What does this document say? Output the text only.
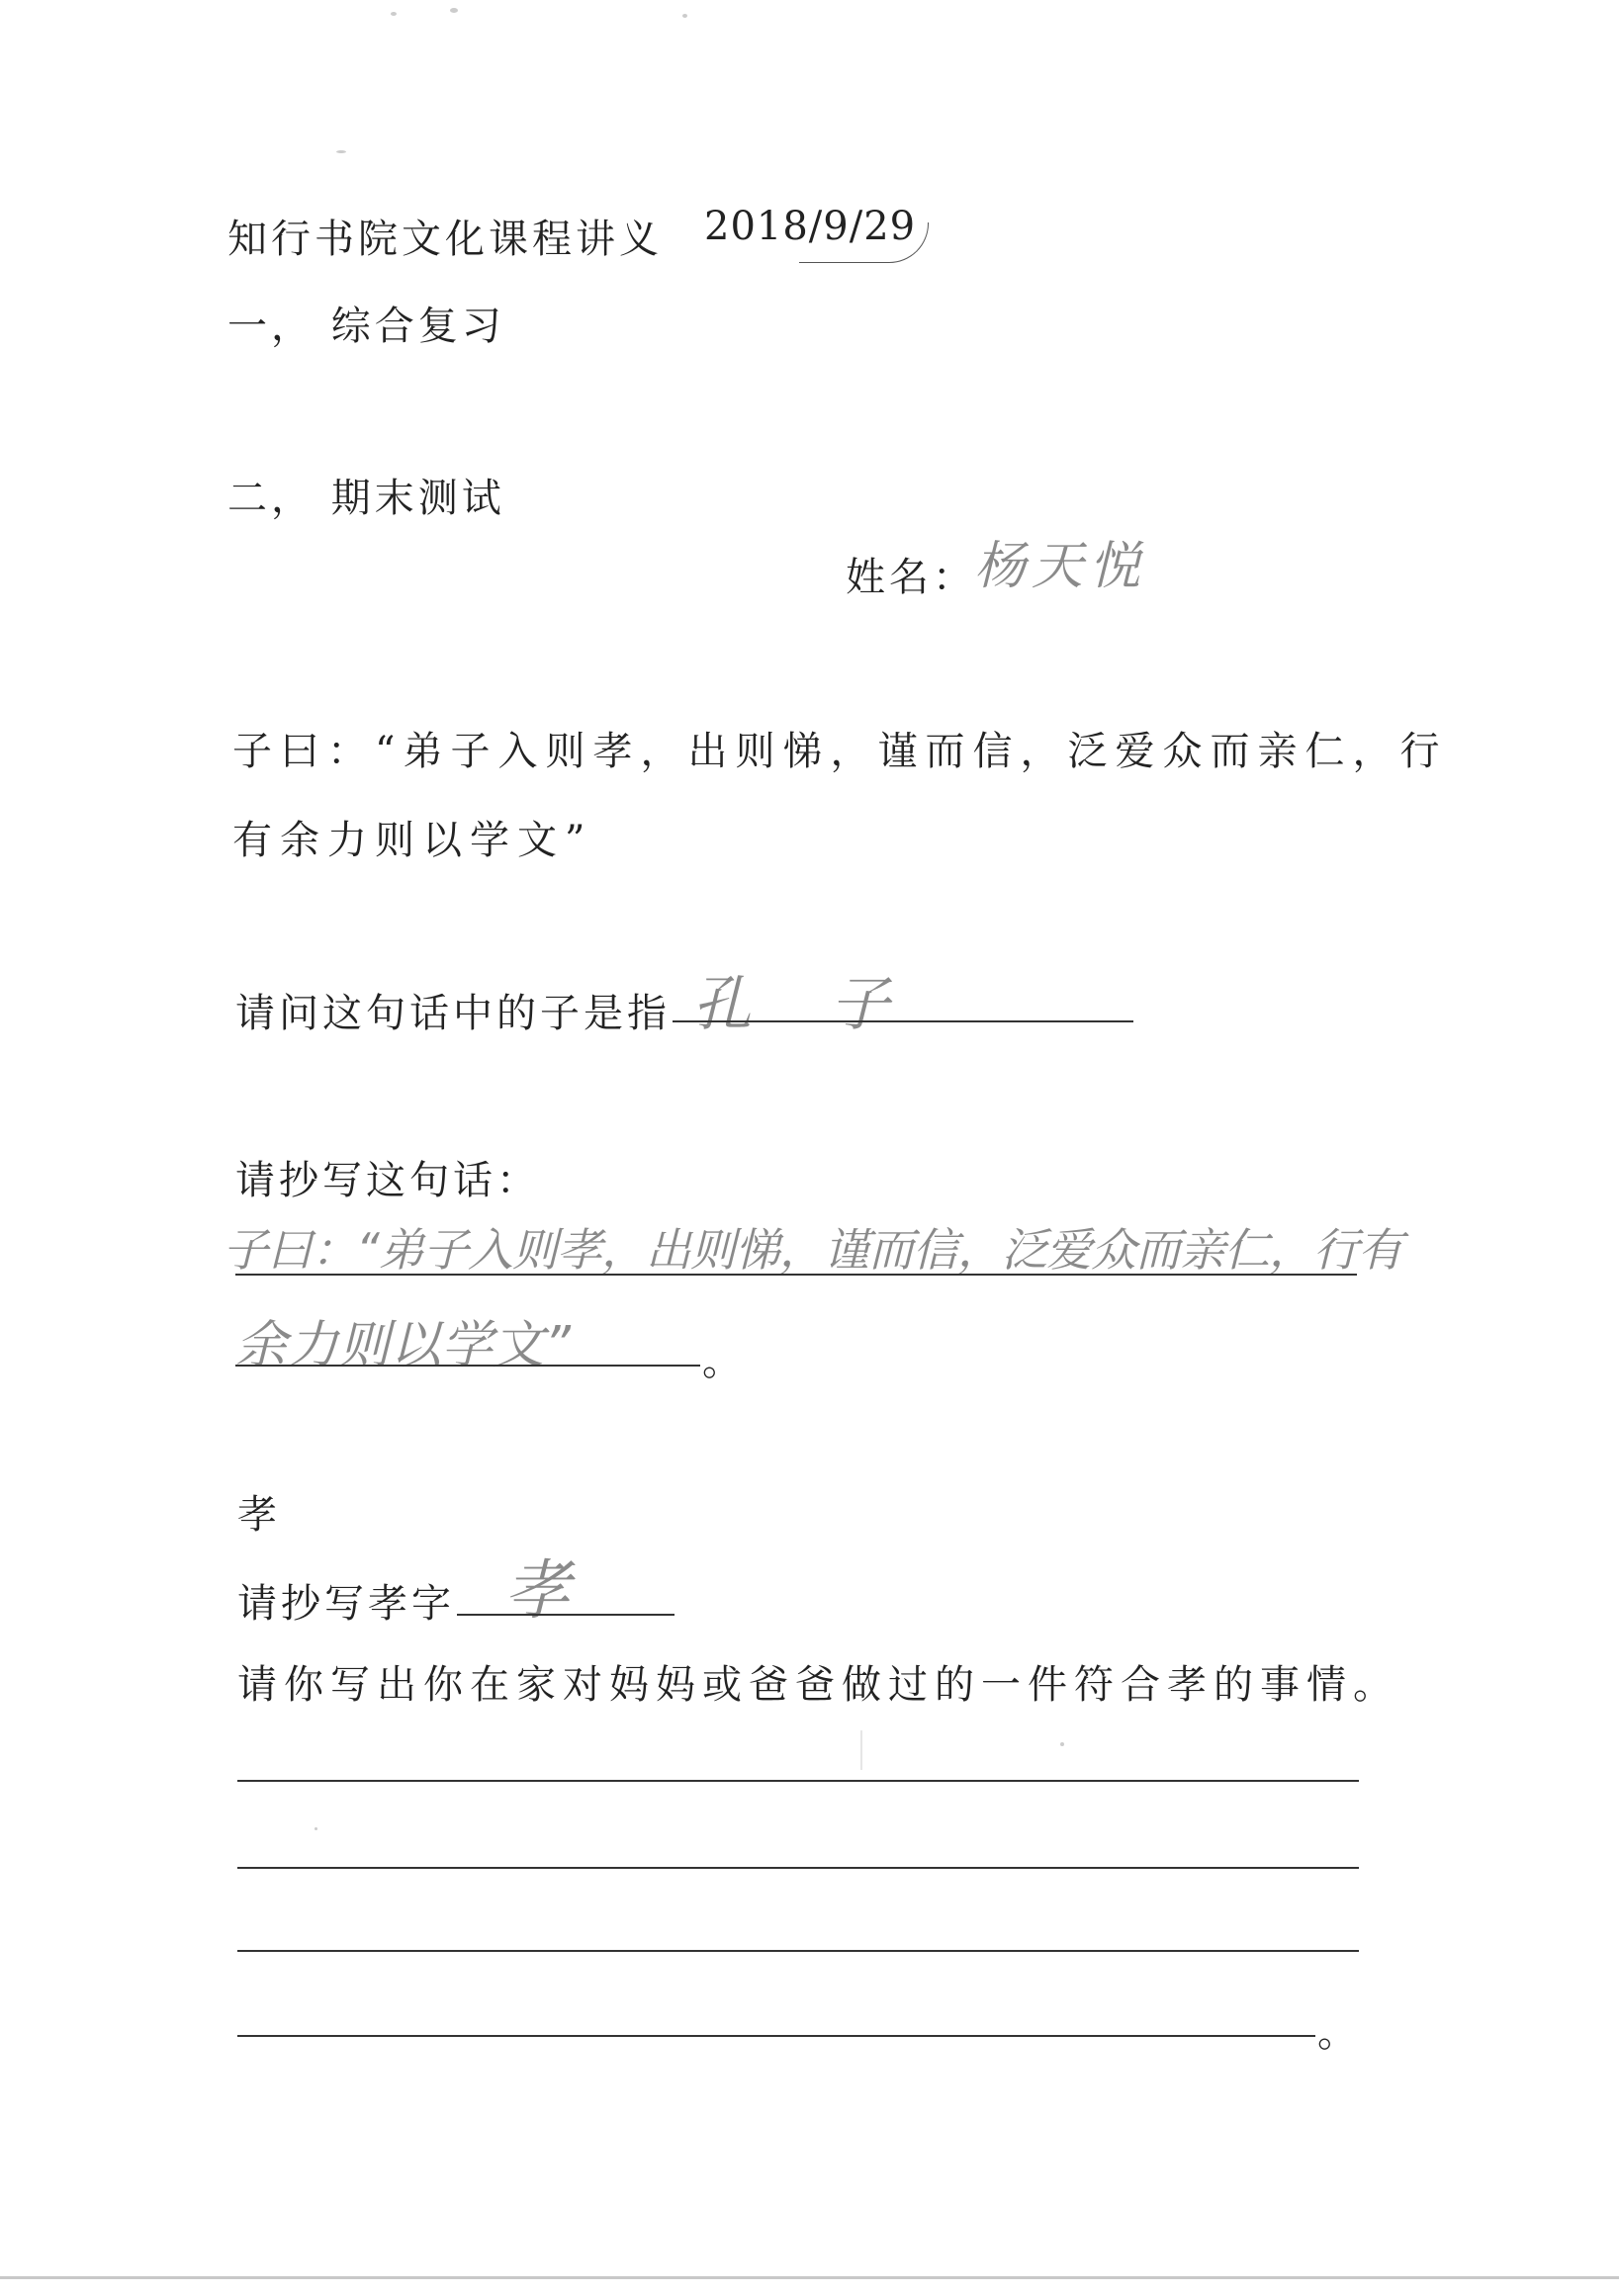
知行书院文化课程讲义 2018/9/29
一， 综合复习
二， 期末测试
姓名：
杨天悦
子曰：“弟子入则孝，出则悌，谨而信，泛爱众而亲仁，行
有余力则以学文”
请问这句话中的子是指 孔 子
请抄写这句话：
子曰：“弟子入则孝，出则悌，谨而信，泛爱众而亲仁，行有
余力则以学文”	。
孝
请抄写孝字 孝
请你写出你在家对妈妈或爸爸做过的一件符合孝的事情。
。
